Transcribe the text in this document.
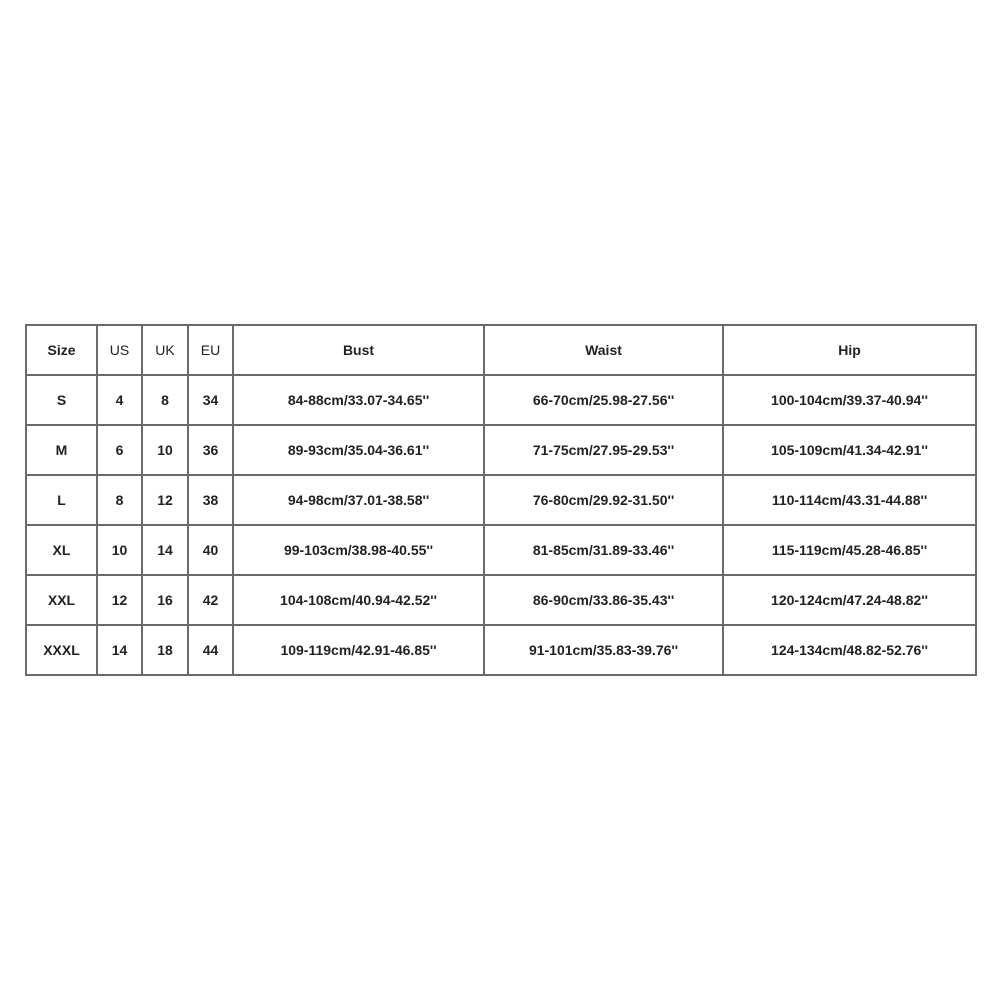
Size	US	UK	EU	Bust	Waist	Hip
S	4	8	34	84-88cm/33.07-34.65''	66-70cm/25.98-27.56''	100-104cm/39.37-40.94''
M	6	10	36	89-93cm/35.04-36.61''	71-75cm/27.95-29.53''	105-109cm/41.34-42.91''
L	8	12	38	94-98cm/37.01-38.58''	76-80cm/29.92-31.50''	110-114cm/43.31-44.88''
XL	10	14	40	99-103cm/38.98-40.55''	81-85cm/31.89-33.46''	115-119cm/45.28-46.85''
XXL	12	16	42	104-108cm/40.94-42.52''	86-90cm/33.86-35.43''	120-124cm/47.24-48.82''
XXXL	14	18	44	109-119cm/42.91-46.85''	91-101cm/35.83-39.76''	124-134cm/48.82-52.76''
